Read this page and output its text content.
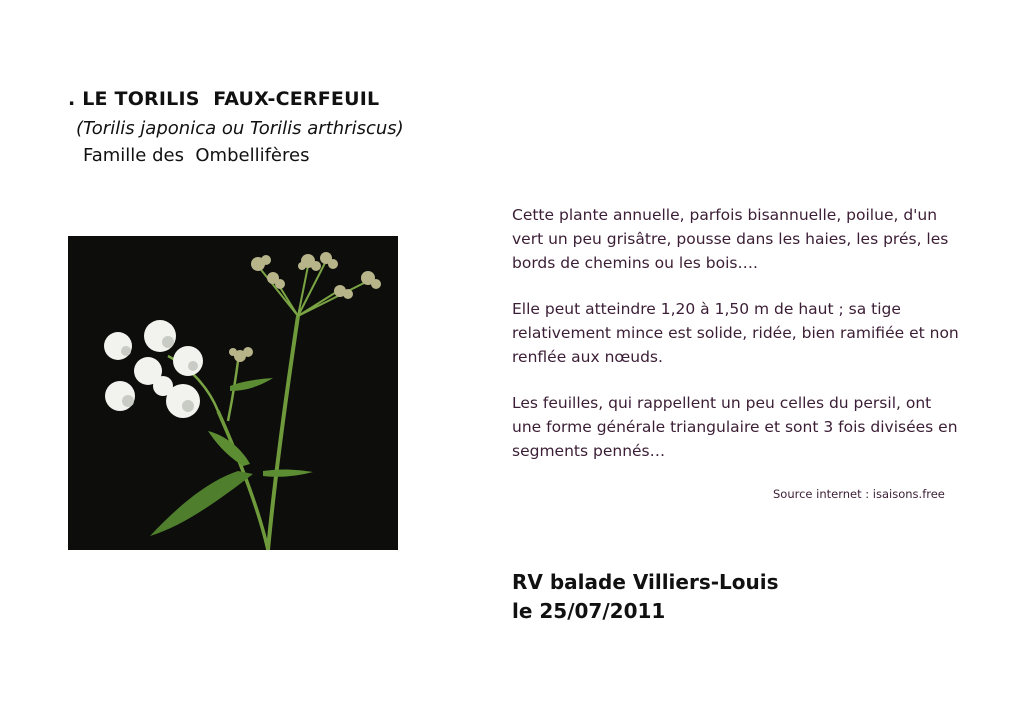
. LE TORILIS  FAUX-CERFEUIL
(Torilis japonica ou Torilis arthriscus)
Famille des  Ombellifères

Cette plante annuelle, parfois bisannuelle, poilue, d'un vert un peu grisâtre, pousse dans les haies, les prés, les bords de chemins ou les bois….

Elle peut atteindre 1,20 à 1,50 m de haut ; sa tige relativement mince est solide, ridée, bien ramifiée et non renflée aux nœuds.

Les feuilles, qui rappellent un peu celles du persil, ont une forme générale triangulaire et sont 3 fois divisées en segments pennés…

Source internet : isaisons.free
RV balade Villiers-Louis
le 25/07/2011
